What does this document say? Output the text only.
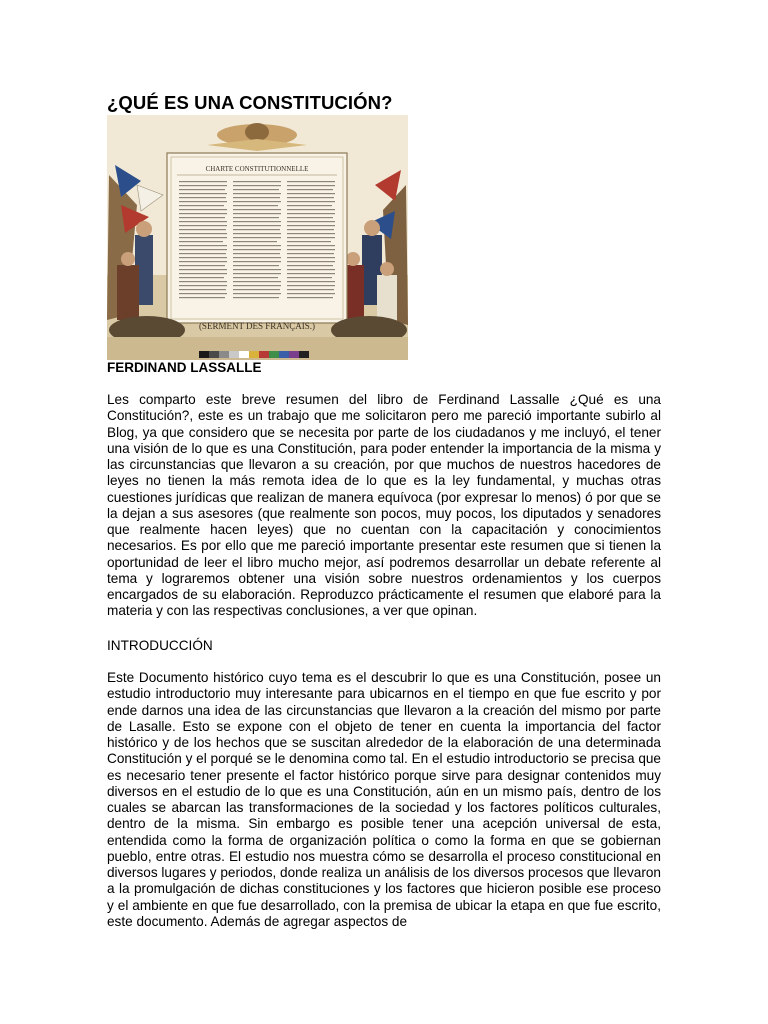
¿QUÉ ES UNA CONSTITUCIÓN?
CHARTE CONSTITUTIONNELLE
(SERMENT DES FRANÇAIS.)

FERDINAND LASSALLE

Les comparto este breve resumen del libro de Ferdinand Lassalle ¿Qué es una Constitución?, este es un trabajo que me solicitaron pero me pareció importante subirlo al Blog, ya que considero que se necesita por parte de los ciudadanos y me incluyó, el tener una visión de lo que es una Constitución, para poder entender la importancia de la misma y las circunstancias que llevaron a su creación, por que muchos de nuestros hacedores de leyes no tienen la más remota idea de lo que es la ley fundamental, y muchas otras cuestiones jurídicas que realizan de manera equívoca (por expresar lo menos) ó por que se la dejan a sus asesores (que realmente son pocos, muy pocos, los diputados y senadores que realmente hacen leyes) que no cuentan con la capacitación y conocimientos necesarios. Es por ello que me pareció importante presentar este resumen que si tienen la oportunidad de leer el libro mucho mejor, así podremos desarrollar un debate referente al tema y lograremos obtener una visión sobre nuestros ordenamientos y los cuerpos encargados de su elaboración. Reproduzco prácticamente el resumen que elaboré para la materia y con las respectivas conclusiones, a ver que opinan.

INTRODUCCIÓN

Este Documento histórico cuyo tema es el descubrir lo que es una Constitución, posee un estudio introductorio muy interesante para ubicarnos en el tiempo en que fue escrito y por ende darnos una idea de las circunstancias que llevaron a la creación del mismo por parte de Lasalle. Esto se expone con el objeto de tener en cuenta la importancia del factor histórico y de los hechos que se suscitan alrededor de la elaboración de una determinada Constitución y el porqué se le denomina como tal. En el estudio introductorio se precisa que es necesario tener presente el factor histórico porque sirve para designar contenidos muy diversos en el estudio de lo que es una Constitución, aún en un mismo país, dentro de los cuales se abarcan las transformaciones de la sociedad y los factores políticos culturales, dentro de la misma. Sin embargo es posible tener una acepción universal de esta, entendida como la forma de organización política o como la forma en que se gobiernan pueblo, entre otras. El estudio nos muestra cómo se desarrolla el proceso constitucional en diversos lugares y periodos, donde realiza un análisis de los diversos procesos que llevaron a la promulgación de dichas constituciones y los factores que hicieron posible ese proceso y el ambiente en que fue desarrollado, con la premisa de ubicar la etapa en que fue escrito, este documento. Además de agregar aspectos de
